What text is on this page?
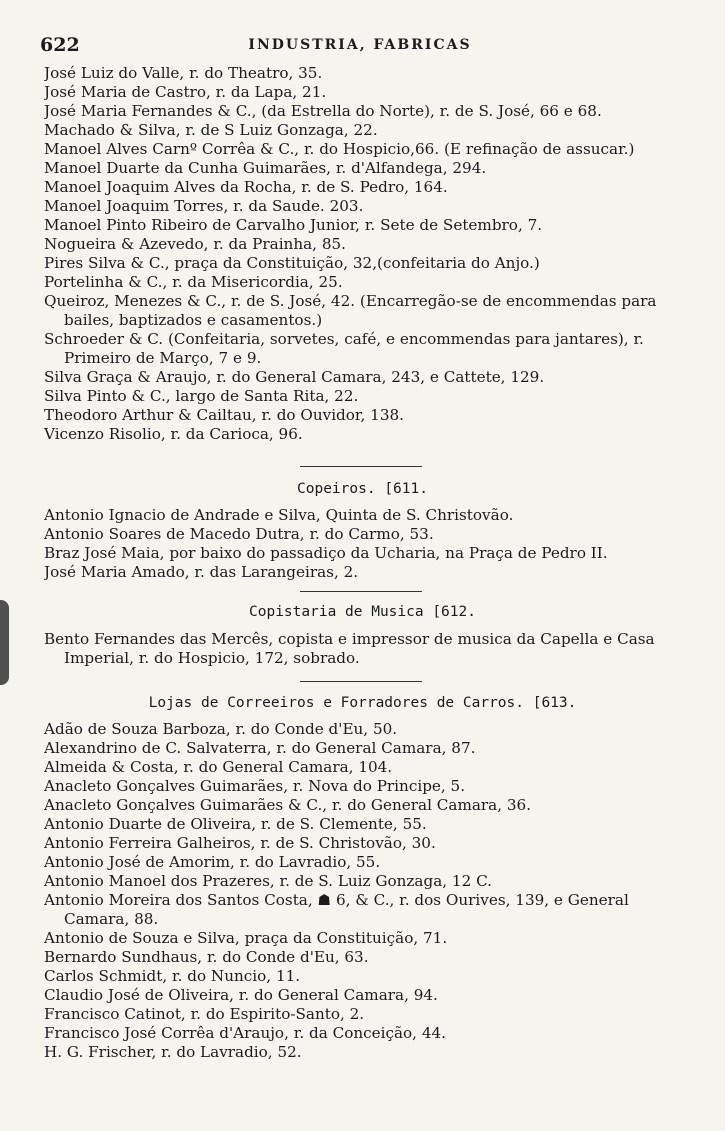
622	INDUSTRIA, FABRICAS
José Luiz do Valle, r. do Theatro, 35.
José Maria de Castro, r. da Lapa, 21.
José Maria Fernandes & C., (da Estrella do Norte), r. de S. José, 66 e 68.
Machado & Silva, r. de S Luiz Gonzaga, 22.
Manoel Alves Carnº Corrêa & C., r. do Hospicio,66. (E refinação de assucar.)
Manoel Duarte da Cunha Guimarães, r. d'Alfandega, 294.
Manoel Joaquim Alves da Rocha, r. de S. Pedro, 164.
Manoel Joaquim Torres, r. da Saude. 203.
Manoel Pinto Ribeiro de Carvalho Junior, r. Sete de Setembro, 7.
Nogueira & Azevedo, r. da Prainha, 85.
Pires Silva & C., praça da Constituição, 32,(confeitaria do Anjo.)
Portelinha & C., r. da Misericordia, 25.
Queiroz, Menezes & C., r. de S. José, 42. (Encarregão-se de encommendas para bailes, baptizados e casamentos.)
Schroeder & C. (Confeitaria, sorvetes, café, e encommendas para jantares), r. Primeiro de Março, 7 e 9.
Silva Graça & Araujo, r. do General Camara, 243, e Cattete, 129.
Silva Pinto & C., largo de Santa Rita, 22.
Theodoro Arthur & Cailtau, r. do Ouvidor, 138.
Vicenzo Risolio, r. da Carioca, 96.
Copeiros. [611.
Antonio Ignacio de Andrade e Silva, Quinta de S. Christovão.
Antonio Soares de Macedo Dutra, r. do Carmo, 53.
Braz José Maia, por baixo do passadiço da Ucharia, na Praça de Pedro II.
José Maria Amado, r. das Larangeiras, 2.
Copistaria de Musica [612.
Bento Fernandes das Mercês, copista e impressor de musica da Capella e Casa Imperial, r. do Hospicio, 172, sobrado.
Lojas de Correeiros e Forradores de Carros. [613.
Adão de Souza Barboza, r. do Conde d'Eu, 50.
Alexandrino de C. Salvaterra, r. do General Camara, 87.
Almeida & Costa, r. do General Camara, 104.
Anacleto Gonçalves Guimarães, r. Nova do Principe, 5.
Anacleto Gonçalves Guimarães & C., r. do General Camara, 36.
Antonio Duarte de Oliveira, r. de S. Clemente, 55.
Antonio Ferreira Galheiros, r. de S. Christovão, 30.
Antonio José de Amorim, r. do Lavradio, 55.
Antonio Manoel dos Prazeres, r. de S. Luiz Gonzaga, 12 C.
Antonio Moreira dos Santos Costa, ☗ 6, & C., r. dos Ourives, 139, e General Camara, 88.
Antonio de Souza e Silva, praça da Constituição, 71.
Bernardo Sundhaus, r. do Conde d'Eu, 63.
Carlos Schmidt, r. do Nuncio, 11.
Claudio José de Oliveira, r. do General Camara, 94.
Francisco Catinot, r. do Espirito-Santo, 2.
Francisco José Corrêa d'Araujo, r. da Conceição, 44.
H. G. Frischer, r. do Lavradio, 52.
